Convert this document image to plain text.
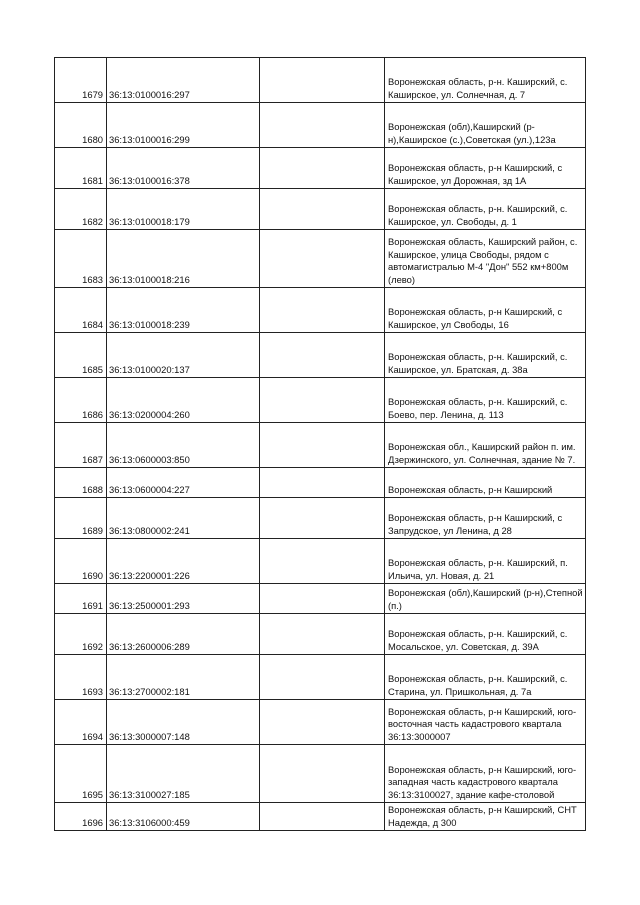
1679	36:13:0100016:297		Воронежская область, р-н. Каширский, с. Каширское, ул. Солнечная, д. 7

1680	36:13:0100016:299		Воронежская (обл),Каширский (р-н),Каширское (с.),Советская (ул.),123а

1681	36:13:0100016:378		Воронежская область, р-н Каширский, с Каширское, ул Дорожная, зд 1А

1682	36:13:0100018:179		Воронежская область, р-н. Каширский, с. Каширское, ул. Свободы, д. 1

1683	36:13:0100018:216		Воронежская область, Каширский район, с. Каширское, улица Свободы, рядом с автомагистралью М-4 "Дон" 552 км+800м (лево)

1684	36:13:0100018:239		Воронежская область, р-н Каширский, с Каширское, ул Свободы, 16

1685	36:13:0100020:137		Воронежская область, р-н. Каширский, с. Каширское, ул. Братская, д. 38а

1686	36:13:0200004:260		Воронежская область, р-н. Каширский, с. Боево, пер. Ленина, д. 113

1687	36:13:0600003:850		Воронежская обл., Каширский район п. им. Дзержинского, ул. Солнечная, здание № 7.

1688	36:13:0600004:227		Воронежская область, р-н Каширский

1689	36:13:0800002:241		Воронежская область, р-н Каширский, с Запрудское, ул Ленина, д 28

1690	36:13:2200001:226		Воронежская область, р-н. Каширский, п. Ильича, ул. Новая, д. 21

1691	36:13:2500001:293		Воронежская (обл),Каширский (р-н),Степной (п.)

1692	36:13:2600006:289		Воронежская область, р-н. Каширский, с. Мосальское, ул. Советская, д. 39А

1693	36:13:2700002:181		Воронежская область, р-н. Каширский, с. Старина, ул. Пришкольная, д. 7а

1694	36:13:3000007:148		Воронежская область, р-н Каширский, юго-восточная часть кадастрового квартала 36:13:3000007

1695	36:13:3100027:185		Воронежская область, р-н Каширский, юго-западная часть кадастрового квартала 36:13:3100027, здание кафе-столовой

1696	36:13:3106000:459		Воронежская область, р-н Каширский, СНТ Надежда, д 300
